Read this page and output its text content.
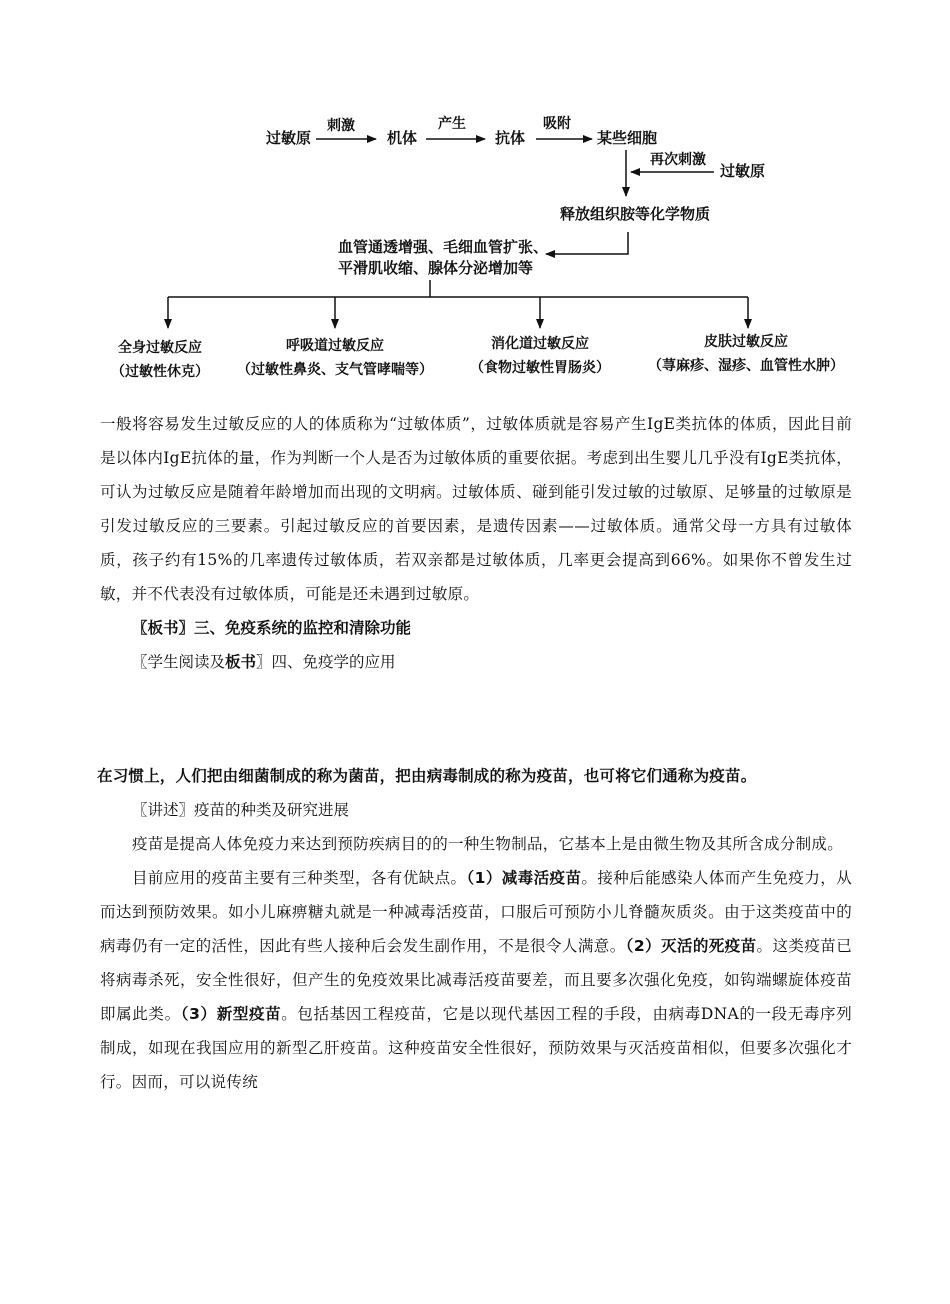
过敏原
刺激
机体
产生
抗体
吸附
某些细胞
再次刺激
过敏原
释放组织胺等化学物质
血管通透增强、毛细血管扩张、
平滑肌收缩、腺体分泌增加等
全身过敏反应
（过敏性休克）
呼吸道过敏反应
（过敏性鼻炎、支气管哮喘等）
消化道过敏反应
（食物过敏性胃肠炎）
皮肤过敏反应
（荨麻疹、湿疹、血管性水肿）

一般将容易发生过敏反应的人的体质称为“过敏体质”，过敏体质就是容易产生IgE类抗体的体质，因此目前是以体内IgE抗体的量，作为判断一个人是否为过敏体质的重要依据。考虑到出生婴儿几乎没有IgE类抗体，可认为过敏反应是随着年龄增加而出现的文明病。过敏体质、碰到能引发过敏的过敏原、足够量的过敏原是引发过敏反应的三要素。引起过敏反应的首要因素，是遗传因素——过敏体质。通常父母一方具有过敏体质，孩子约有15%的几率遗传过敏体质，若双亲都是过敏体质，几率更会提高到66%。如果你不曾发生过敏，并不代表没有过敏体质，可能是还未遇到过敏原。

〖板书〗三、免疫系统的监控和清除功能

〖学生阅读及板书〗四、免疫学的应用

在习惯上，人们把由细菌制成的称为菌苗，把由病毒制成的称为疫苗，也可将它们通称为疫苗。

〖讲述〗疫苗的种类及研究进展

疫苗是提高人体免疫力来达到预防疾病目的的一种生物制品，它基本上是由微生物及其所含成分制成。

目前应用的疫苗主要有三种类型，各有优缺点。（1）减毒活疫苗。接种后能感染人体而产生免疫力，从而达到预防效果。如小儿麻痹糖丸就是一种减毒活疫苗，口服后可预防小儿脊髓灰质炎。由于这类疫苗中的病毒仍有一定的活性，因此有些人接种后会发生副作用，不是很令人满意。（2）灭活的死疫苗。这类疫苗已将病毒杀死，安全性很好，但产生的免疫效果比减毒活疫苗要差，而且要多次强化免疫，如钩端螺旋体疫苗即属此类。（3）新型疫苗。包括基因工程疫苗，它是以现代基因工程的手段，由病毒DNA的一段无毒序列制成，如现在我国应用的新型乙肝疫苗。这种疫苗安全性很好，预防效果与灭活疫苗相似，但要多次强化才行。因而，可以说传统
